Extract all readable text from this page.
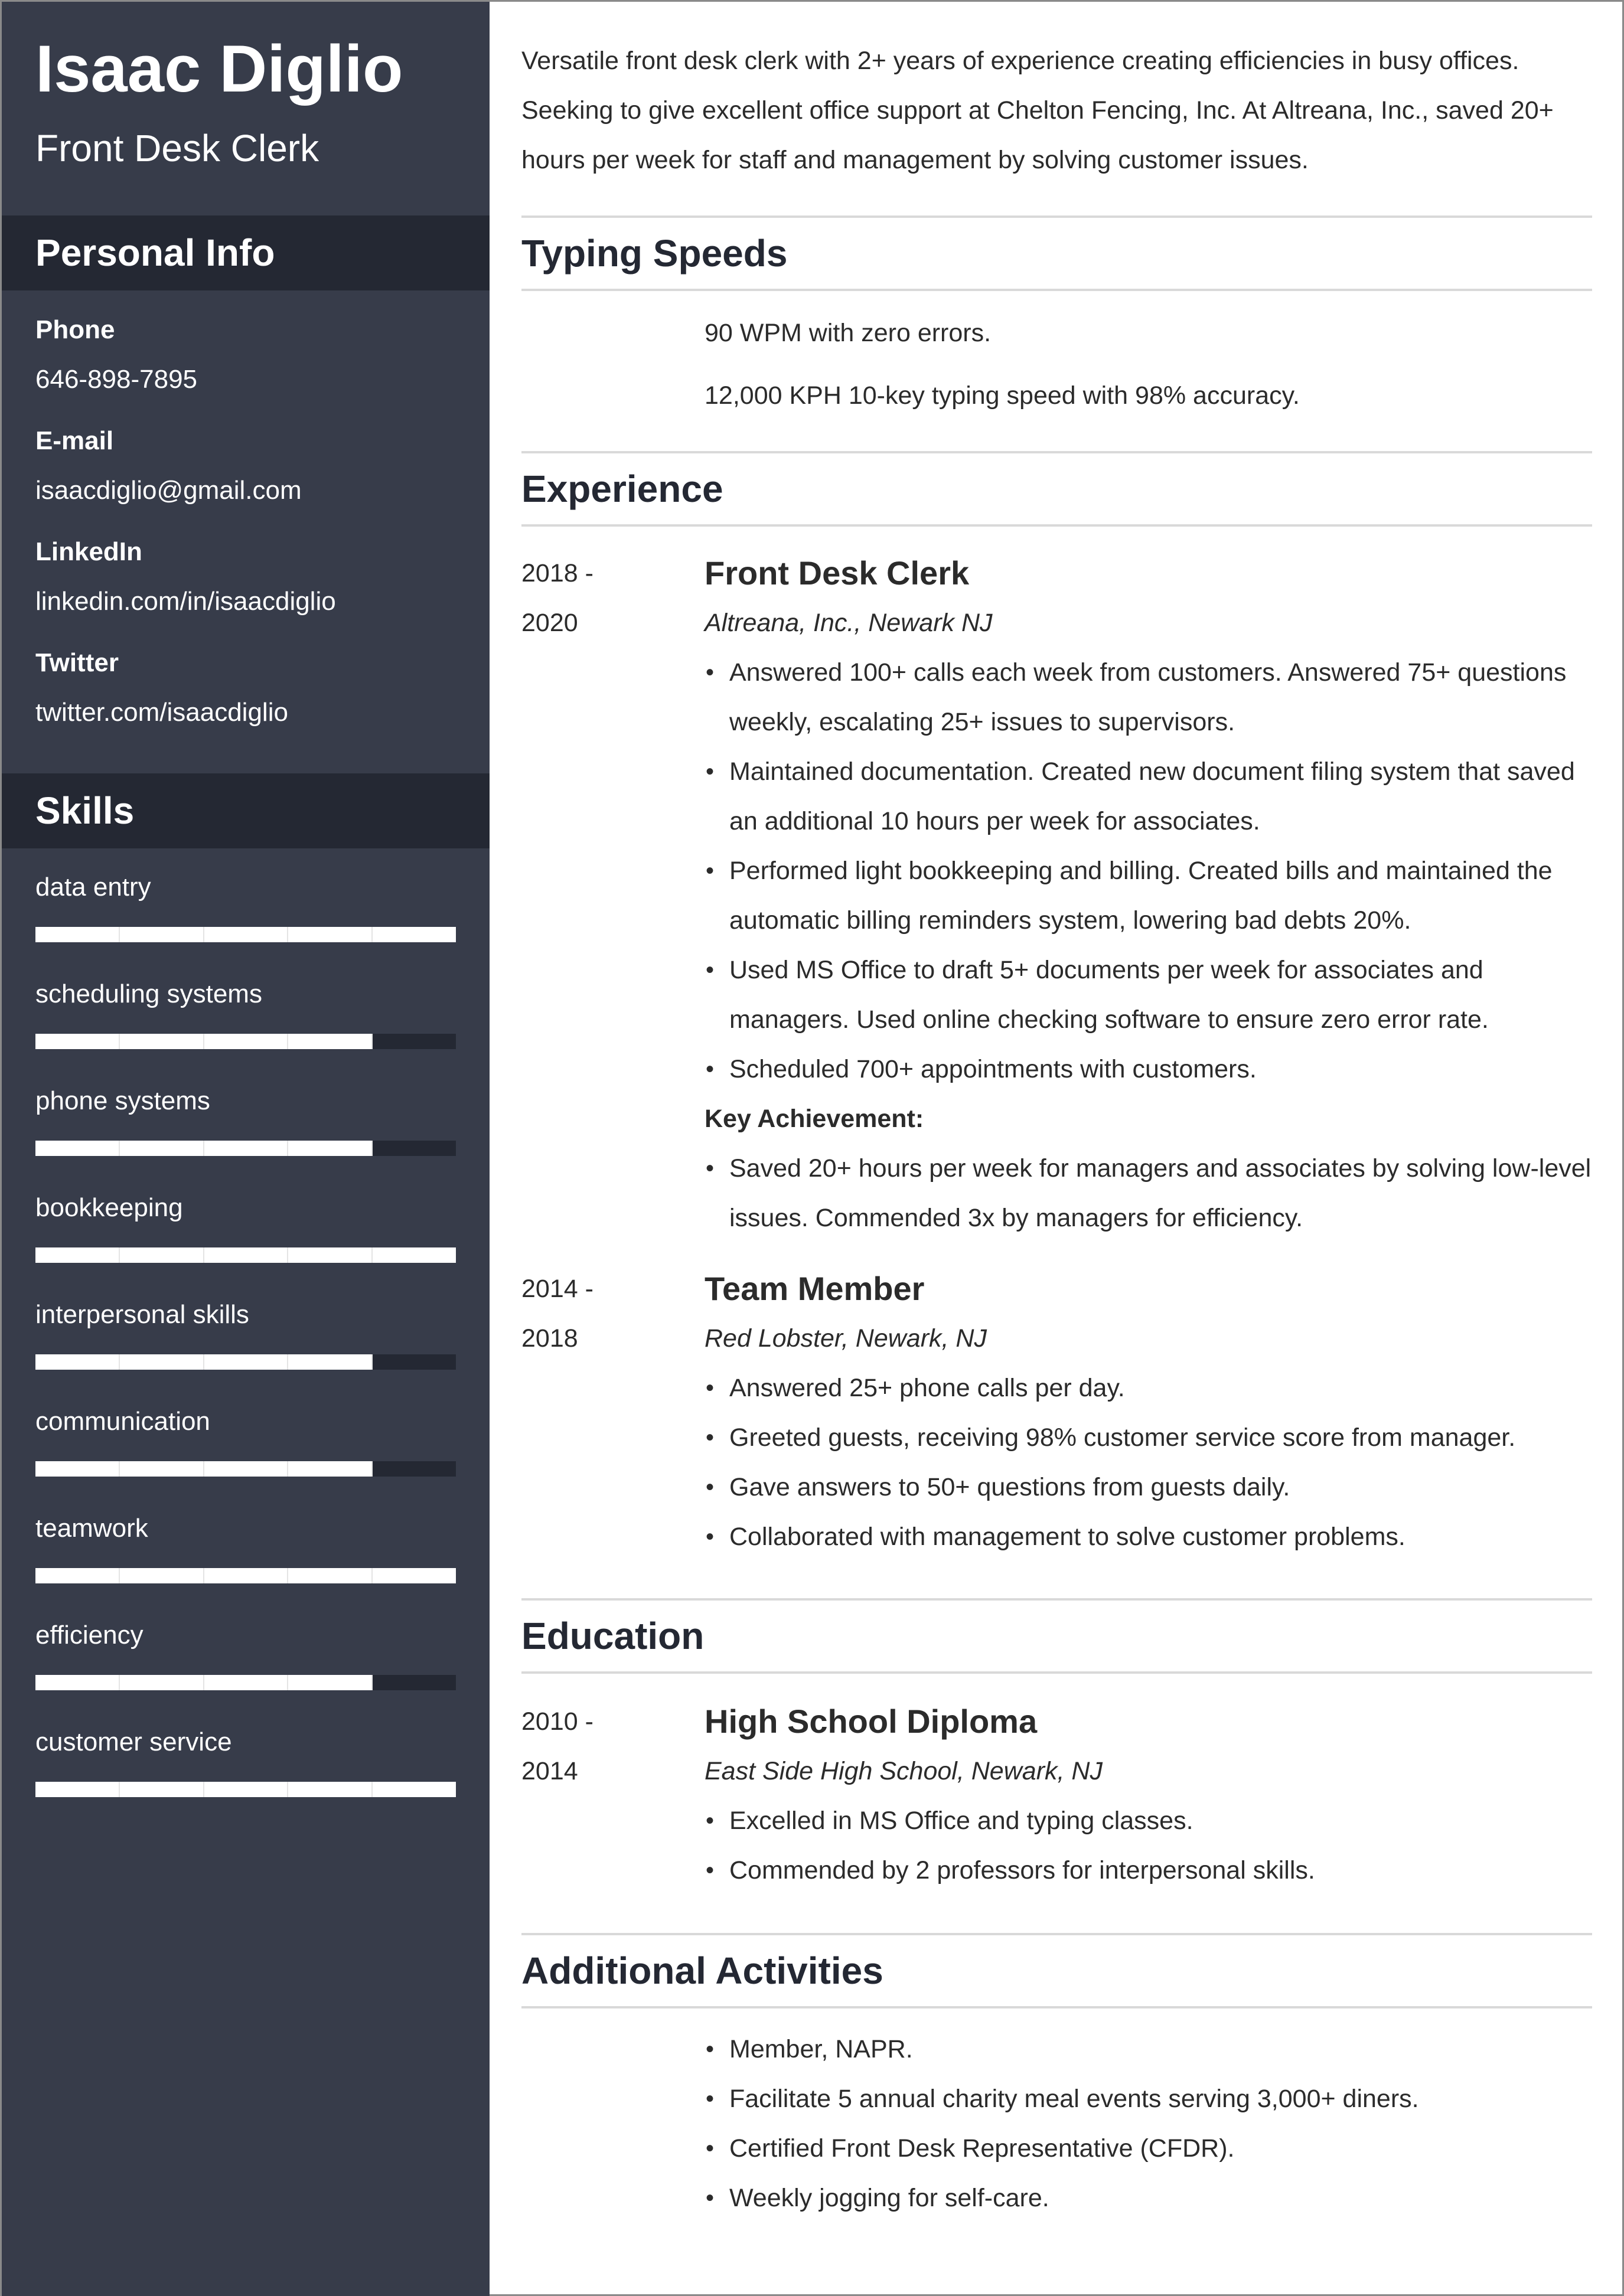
Isaac Diglio
Front Desk Clerk
Personal Info
Phone
646-898-7895
E-mail
isaacdiglio@gmail.com
LinkedIn
linkedin.com/in/isaacdiglio
Twitter
twitter.com/isaacdiglio
Skills
data entry
scheduling systems
phone systems
bookkeeping
interpersonal skills
communication
teamwork
efficiency
customer service

Versatile front desk clerk with 2+ years of experience creating efficiencies in busy offices. Seeking to give excellent office support at Chelton Fencing, Inc. At Altreana, Inc., saved 20+ hours per week for staff and management by solving customer issues.

Typing Speeds
90 WPM with zero errors.
12,000 KPH 10-key typing speed with 98% accuracy.
Experience
2018 -
2020
Front Desk Clerk
Altreana, Inc., Newark NJ
• Answered 100+ calls each week from customers. Answered 75+ questions weekly, escalating 25+ issues to supervisors.
• Maintained documentation. Created new document filing system that saved an additional 10 hours per week for associates.
• Performed light bookkeeping and billing. Created bills and maintained the automatic billing reminders system, lowering bad debts 20%.
• Used MS Office to draft 5+ documents per week for associates and managers. Used online checking software to ensure zero error rate.
• Scheduled 700+ appointments with customers.
Key Achievement:
• Saved 20+ hours per week for managers and associates by solving low-level issues. Commended 3x by managers for efficiency.
2014 -
2018
Team Member
Red Lobster, Newark, NJ
• Answered 25+ phone calls per day.
• Greeted guests, receiving 98% customer service score from manager.
• Gave answers to 50+ questions from guests daily.
• Collaborated with management to solve customer problems.
Education
2010 -
2014
High School Diploma
East Side High School, Newark, NJ
• Excelled in MS Office and typing classes.
• Commended by 2 professors for interpersonal skills.
Additional Activities
• Member, NAPR.
• Facilitate 5 annual charity meal events serving 3,000+ diners.
• Certified Front Desk Representative (CFDR).
• Weekly jogging for self-care.
